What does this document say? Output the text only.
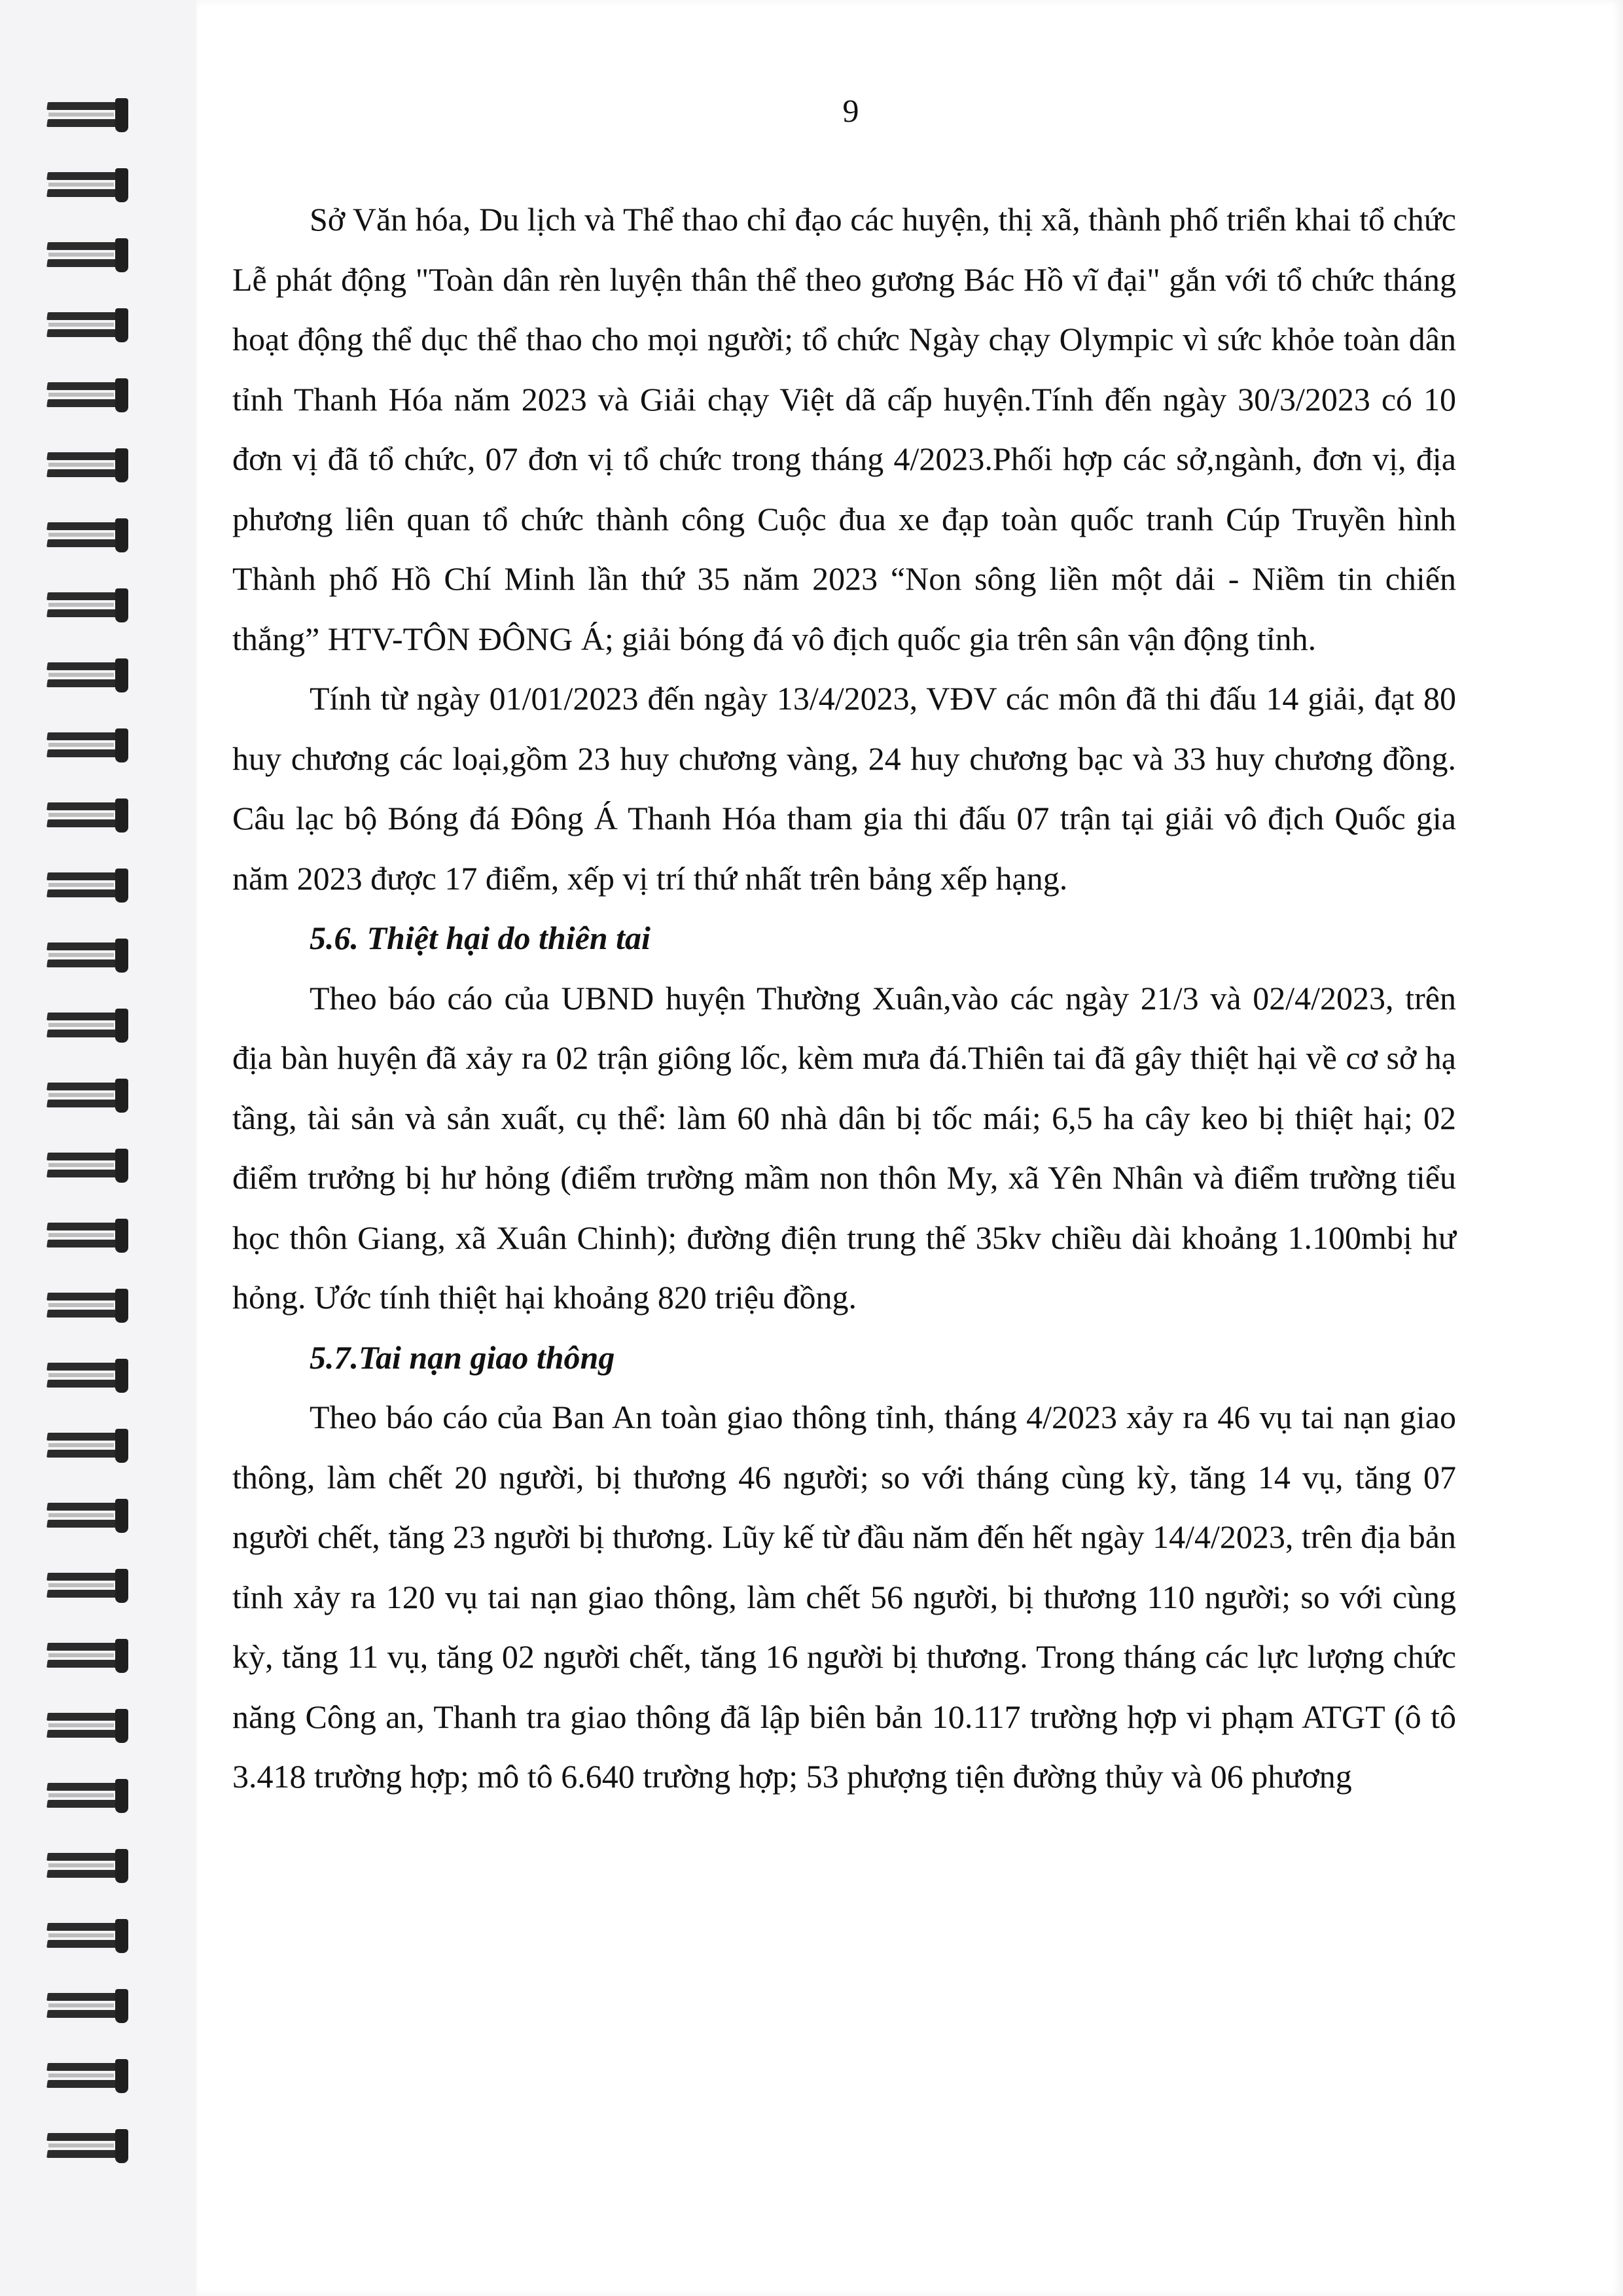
9

Sở Văn hóa, Du lịch và Thể thao chỉ đạo các huyện, thị xã, thành phố triển khai tổ chức Lễ phát động "Toàn dân rèn luyện thân thể theo gương Bác Hồ vĩ đại" gắn với tổ chức tháng hoạt động thể dục thể thao cho mọi người; tổ chức Ngày chạy Olympic vì sức khỏe toàn dân tỉnh Thanh Hóa năm 2023 và Giải chạy Việt dã cấp huyện.Tính đến ngày 30/3/2023 có 10 đơn vị đã tổ chức, 07 đơn vị tổ chức trong tháng 4/2023.Phối hợp các sở,ngành, đơn vị, địa phương liên quan tổ chức thành công Cuộc đua xe đạp toàn quốc tranh Cúp Truyền hình Thành phố Hồ Chí Minh lần thứ 35 năm 2023 “Non sông liền một dải - Niềm tin chiến thắng” HTV-TÔN ĐÔNG Á; giải bóng đá vô địch quốc gia trên sân vận động tỉnh.

Tính từ ngày 01/01/2023 đến ngày 13/4/2023, VĐV các môn đã thi đấu 14 giải, đạt 80 huy chương các loại,gồm 23 huy chương vàng, 24 huy chương bạc và 33 huy chương đồng. Câu lạc bộ Bóng đá Đông Á Thanh Hóa tham gia thi đấu 07 trận tại giải vô địch Quốc gia năm 2023 được 17 điểm, xếp vị trí thứ nhất trên bảng xếp hạng.

5.6. Thiệt hại do thiên tai

Theo báo cáo của UBND huyện Thường Xuân,vào các ngày 21/3 và 02/4/2023, trên địa bàn huyện đã xảy ra 02 trận giông lốc, kèm mưa đá.Thiên tai đã gây thiệt hại về cơ sở hạ tầng, tài sản và sản xuất, cụ thể: làm 60 nhà dân bị tốc mái; 6,5 ha cây keo bị thiệt hại; 02 điểm trưởng bị hư hỏng (điểm trường mầm non thôn My, xã Yên Nhân và điểm trường tiểu học thôn Giang, xã Xuân Chinh); đường điện trung thế 35kv chiều dài khoảng 1.100mbị hư hỏng. Ước tính thiệt hại khoảng 820 triệu đồng.

5.7.Tai nạn giao thông

Theo báo cáo của Ban An toàn giao thông tỉnh, tháng 4/2023 xảy ra 46 vụ tai nạn giao thông, làm chết 20 người, bị thương 46 người; so với tháng cùng kỳ, tăng 14 vụ, tăng 07 người chết, tăng 23 người bị thương. Lũy kế từ đầu năm đến hết ngày 14/4/2023, trên địa bản tỉnh xảy ra 120 vụ tai nạn giao thông, làm chết 56 người, bị thương 110 người; so với cùng kỳ, tăng 11 vụ, tăng 02 người chết, tăng 16 người bị thương. Trong tháng các lực lượng chức năng Công an, Thanh tra giao thông đã lập biên bản 10.117 trường hợp vi phạm ATGT (ô tô 3.418 trường hợp; mô tô 6.640 trường hợp; 53 phượng tiện đường thủy và 06 phương
